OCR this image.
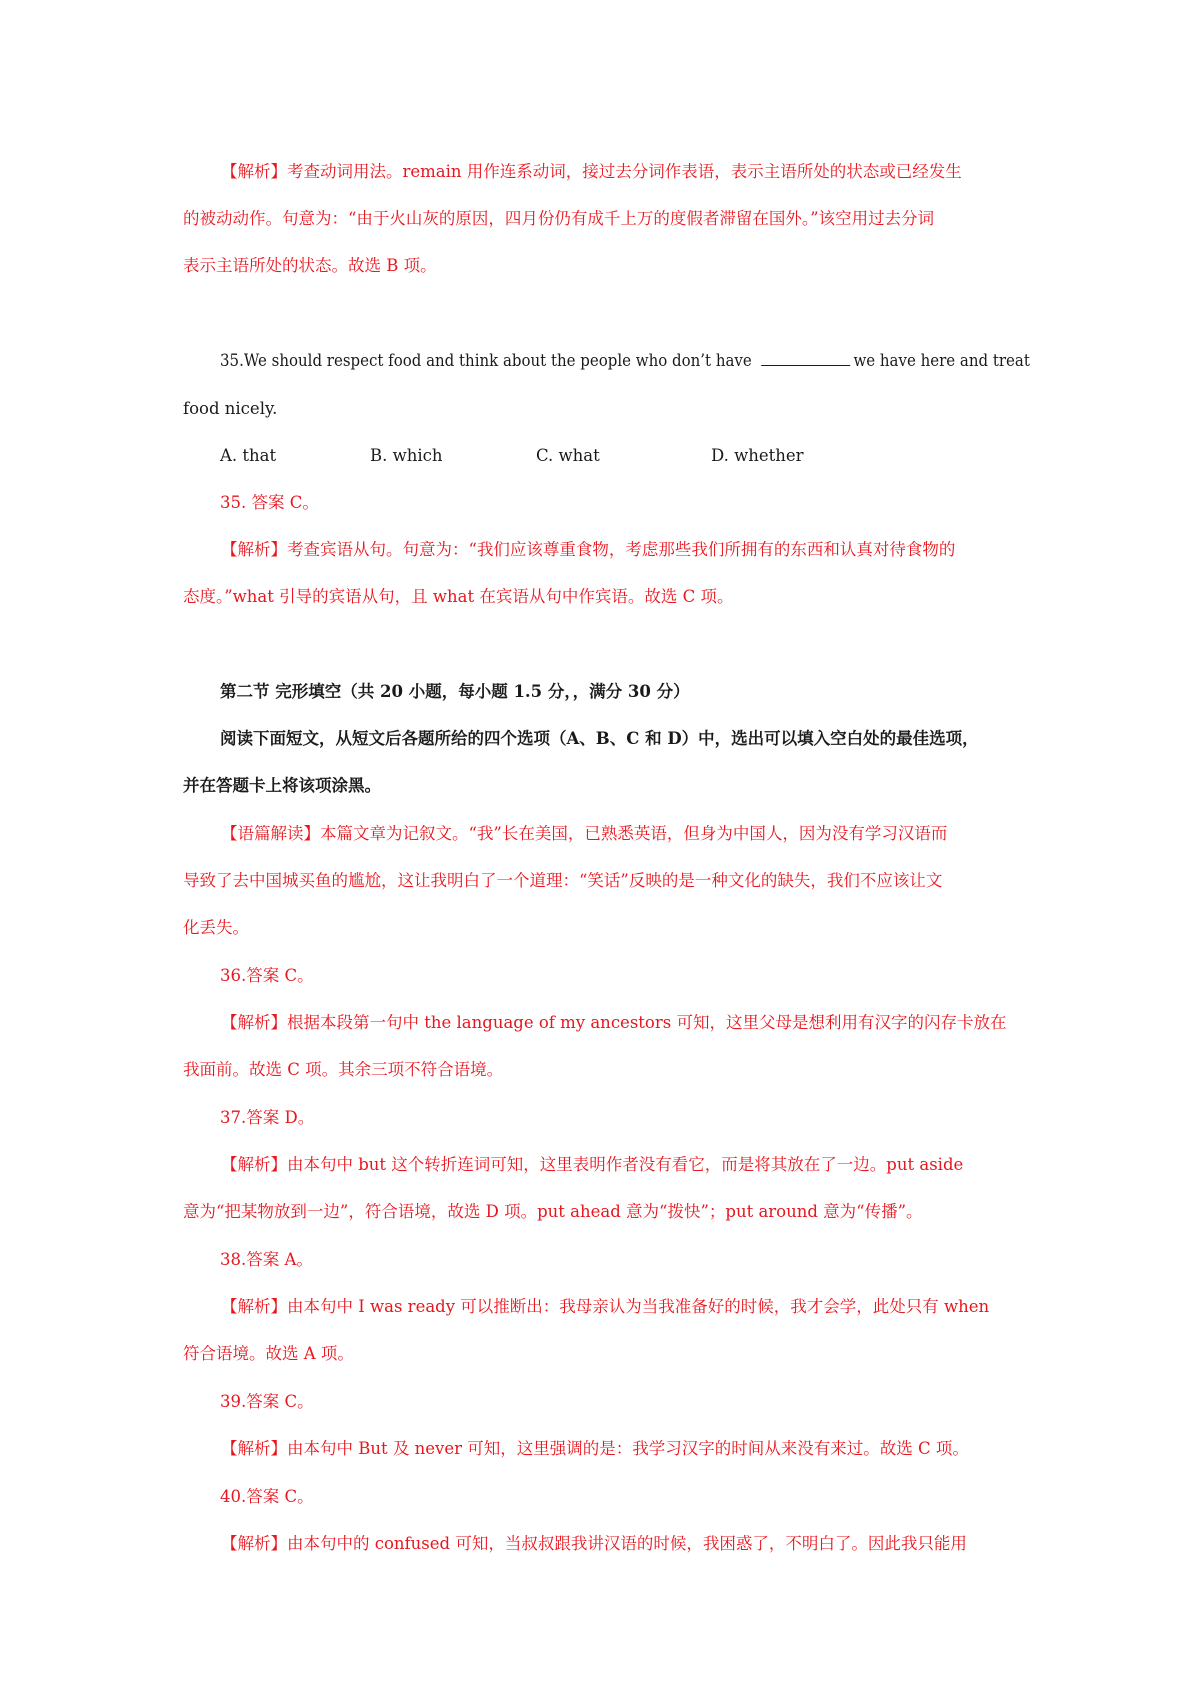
【解析】考查动词用法。remain 用作连系动词，接过去分词作表语，表示主语所处的状态或已经发生
的被动动作。句意为：“由于火山灰的原因，四月份仍有成千上万的度假者滞留在国外。”该空用过去分词
表示主语所处的状态。故选 B 项。
35.We should respect food and think about the people who don’t have	we have here and treat
food nicely.
A. that	B. which	C. what	D. whether
35. 答案 C。
【解析】考查宾语从句。句意为：“我们应该尊重食物，考虑那些我们所拥有的东西和认真对待食物的
态度。”what 引导的宾语从句，且 what 在宾语从句中作宾语。故选 C 项。
第二节 完形填空（共 20 小题，每小题 1.5 分，，满分 30 分）
阅读下面短文，从短文后各题所给的四个选项（A、B、C 和 D）中，选出可以填入空白处的最佳选项，
并在答题卡上将该项涂黑。
【语篇解读】本篇文章为记叙文。“我”长在美国，已熟悉英语，但身为中国人，因为没有学习汉语而
导致了去中国城买鱼的尴尬，这让我明白了一个道理：“笑话”反映的是一种文化的缺失，我们不应该让文
化丢失。
36.答案 C。
【解析】根据本段第一句中 the language of my ancestors 可知，这里父母是想利用有汉字的闪存卡放在
我面前。故选 C 项。其余三项不符合语境。
37.答案 D。
【解析】由本句中 but 这个转折连词可知，这里表明作者没有看它，而是将其放在了一边。put aside
意为“把某物放到一边”，符合语境，故选 D 项。put ahead 意为“拨快”；put around 意为“传播”。
38.答案 A。
【解析】由本句中 I was ready 可以推断出：我母亲认为当我准备好的时候，我才会学，此处只有 when
符合语境。故选 A 项。
39.答案 C。
【解析】由本句中 But 及 never 可知，这里强调的是：我学习汉字的时间从来没有来过。故选 C 项。
40.答案 C。
【解析】由本句中的 confused 可知，当叔叔跟我讲汉语的时候，我困惑了，不明白了。因此我只能用
